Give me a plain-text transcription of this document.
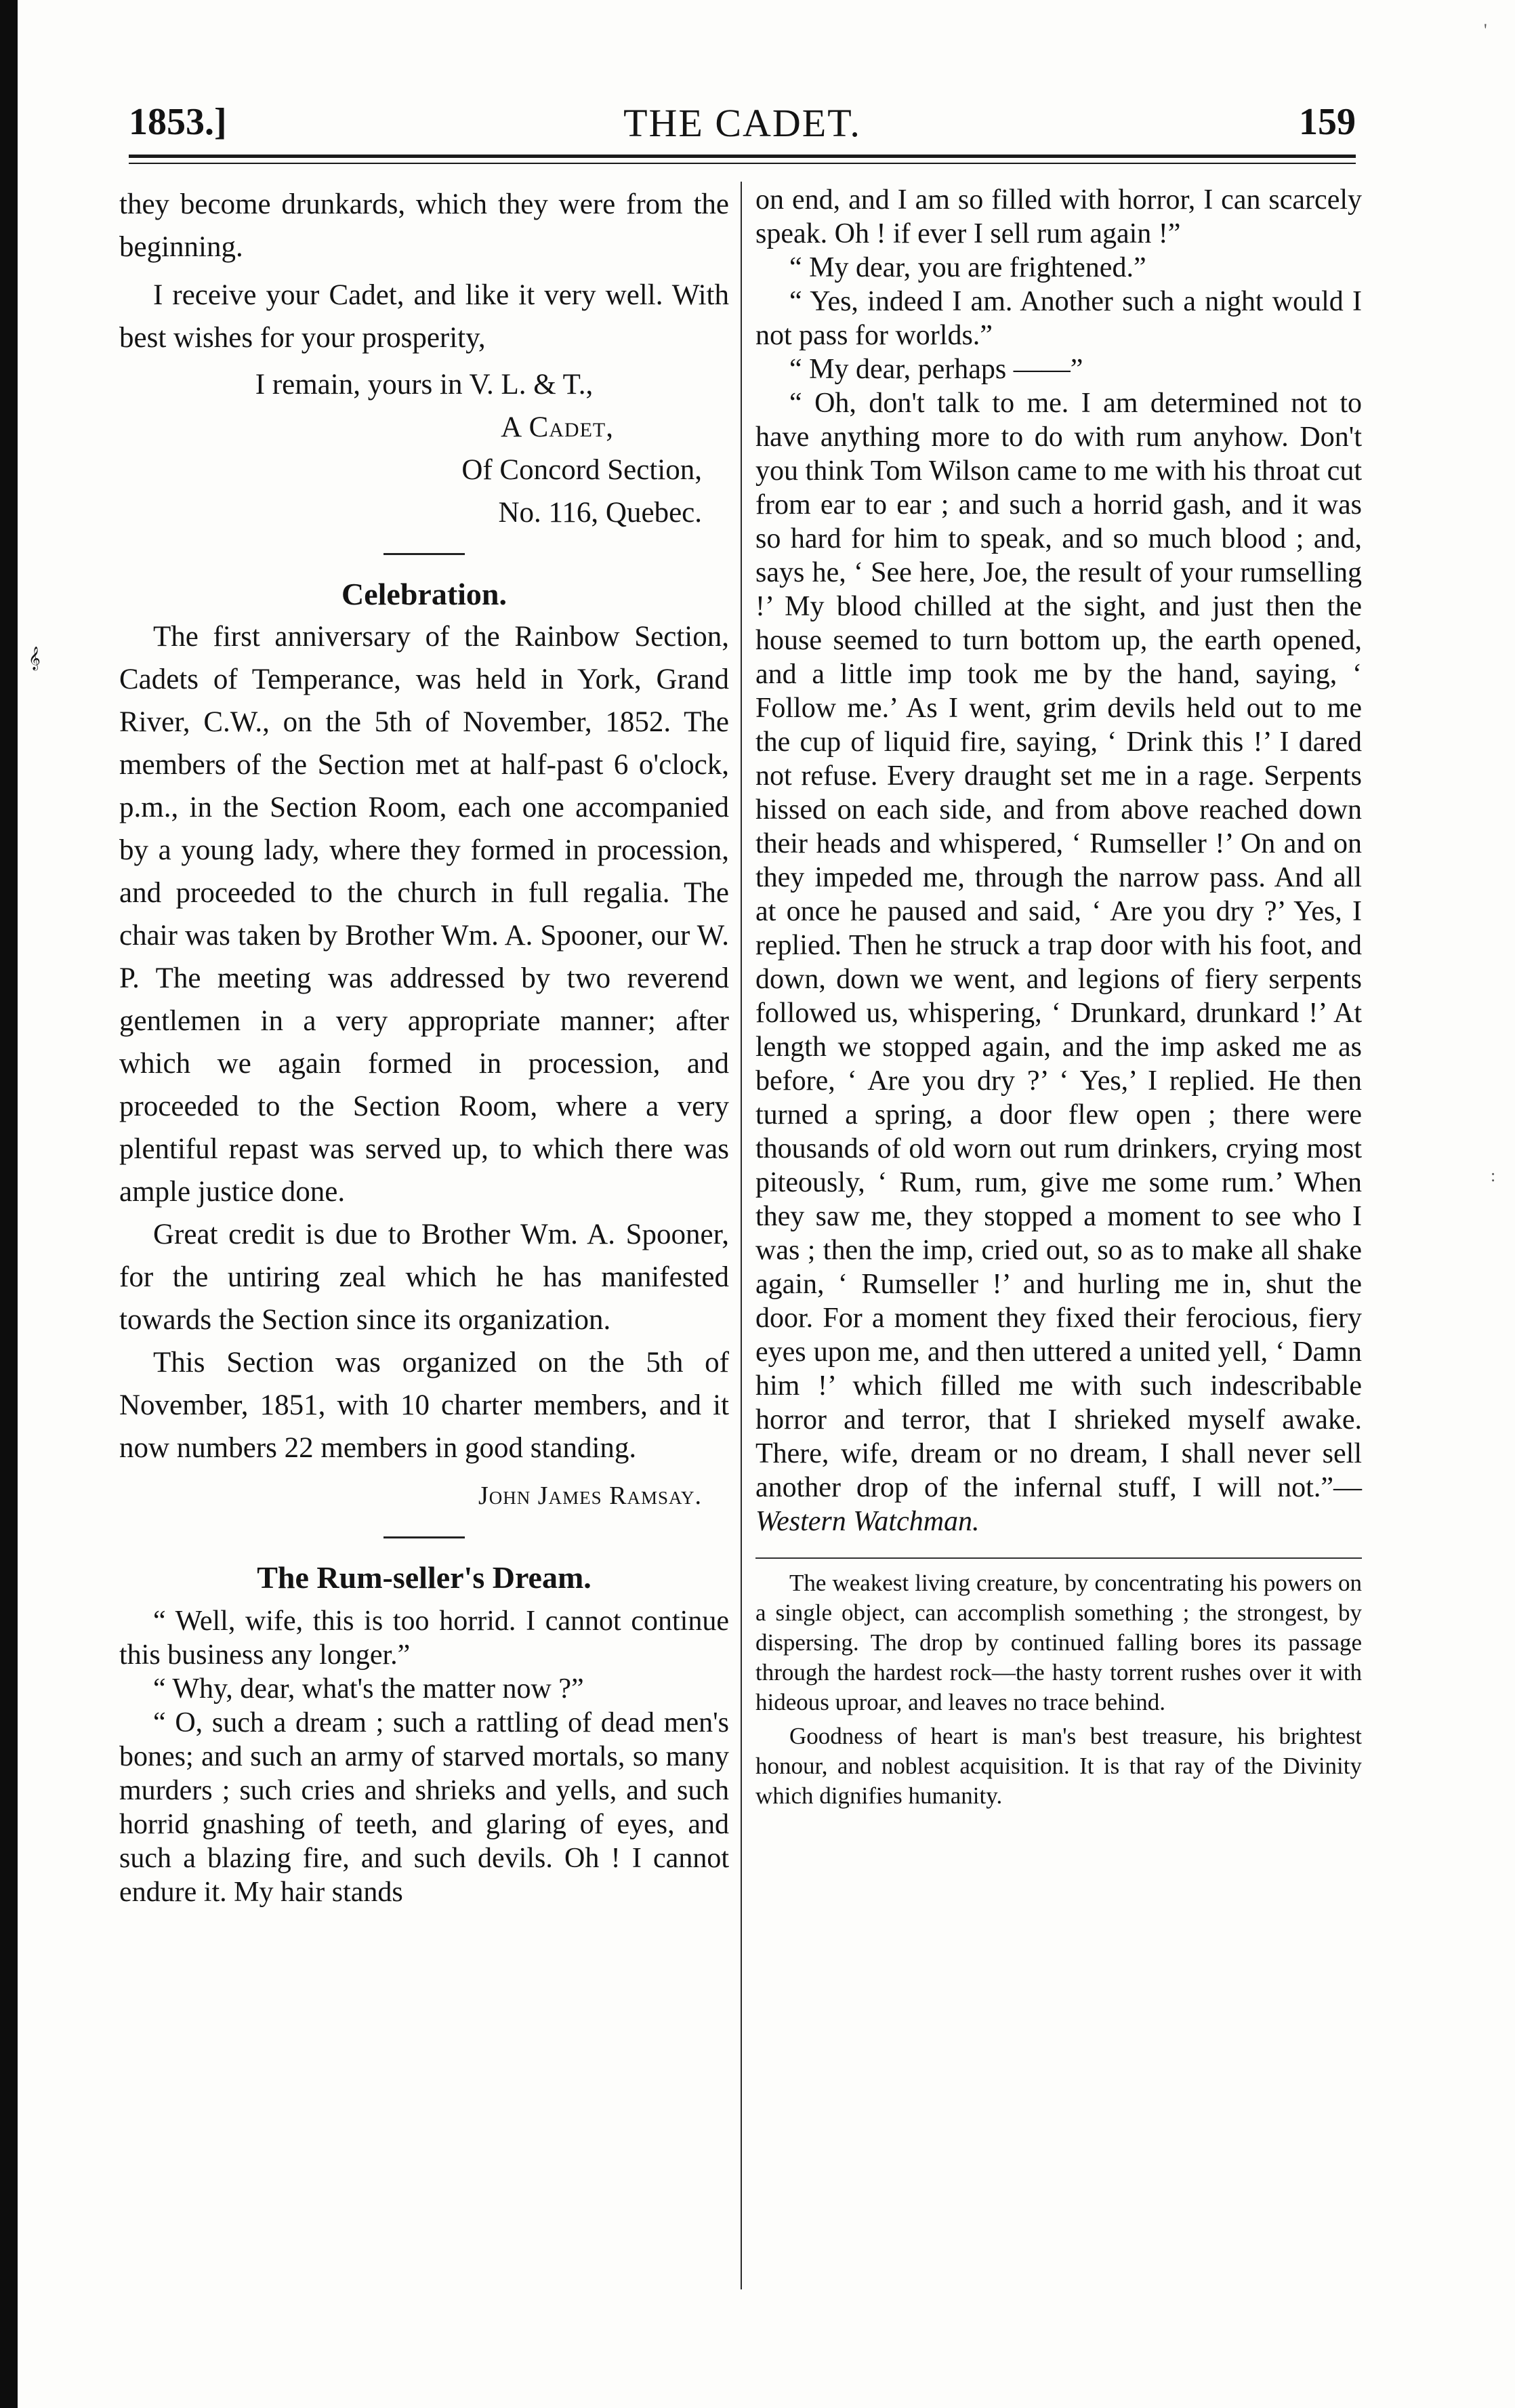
1853.]	THE CADET.	159

they become drunkards, which they were from the beginning.

I receive your Cadet, and like it very well. With best wishes for your prosperity,

I remain, yours in V. L. & T.,

A Cadet,

Of Concord Section,

No. 116, Quebec.

Celebration.

The first anniversary of the Rainbow Section, Cadets of Temperance, was held in York, Grand River, C.W., on the 5th of November, 1852. The members of the Section met at half-past 6 o'clock, p.m., in the Section Room, each one accompanied by a young lady, where they formed in procession, and proceeded to the church in full regalia. The chair was taken by Brother Wm. A. Spooner, our W. P. The meeting was addressed by two reverend gentlemen in a very appropriate manner; after which we again formed in procession, and proceeded to the Section Room, where a very plentiful repast was served up, to which there was ample justice done.

Great credit is due to Brother Wm. A. Spooner, for the untiring zeal which he has manifested towards the Section since its organization.

This Section was organized on the 5th of November, 1851, with 10 charter members, and it now numbers 22 members in good standing.

John James Ramsay.

The Rum-seller's Dream.

“ Well, wife, this is too horrid. I cannot continue this business any longer.”

“ Why, dear, what's the matter now ?”

“ O, such a dream ; such a rattling of dead men's bones; and such an army of starved mortals, so many murders ; such cries and shrieks and yells, and such horrid gnashing of teeth, and glaring of eyes, and such a blazing fire, and such devils. Oh ! I cannot endure it. My hair stands

on end, and I am so filled with horror, I can scarcely speak. Oh ! if ever I sell rum again !”

“ My dear, you are frightened.”

“ Yes, indeed I am. Another such a night would I not pass for worlds.”

“ My dear, perhaps ——”

“ Oh, don't talk to me. I am determined not to have anything more to do with rum anyhow. Don't you think Tom Wilson came to me with his throat cut from ear to ear ; and such a horrid gash, and it was so hard for him to speak, and so much blood ; and, says he, ‘ See here, Joe, the result of your rumselling !’ My blood chilled at the sight, and just then the house seemed to turn bottom up, the earth opened, and a little imp took me by the hand, saying, ‘ Follow me.’ As I went, grim devils held out to me the cup of liquid fire, saying, ‘ Drink this !’ I dared not refuse. Every draught set me in a rage. Serpents hissed on each side, and from above reached down their heads and whispered, ‘ Rumseller !’ On and on they impeded me, through the narrow pass. And all at once he paused and said, ‘ Are you dry ?’ Yes, I replied. Then he struck a trap door with his foot, and down, down we went, and legions of fiery serpents followed us, whispering, ‘ Drunkard, drunkard !’ At length we stopped again, and the imp asked me as before, ‘ Are you dry ?’ ‘ Yes,’ I replied. He then turned a spring, a door flew open ; there were thousands of old worn out rum drinkers, crying most piteously, ‘ Rum, rum, give me some rum.’ When they saw me, they stopped a moment to see who I was ; then the imp, cried out, so as to make all shake again, ‘ Rumseller !’ and hurling me in, shut the door. For a moment they fixed their ferocious, fiery eyes upon me, and then uttered a united yell, ‘ Damn him !’ which filled me with such indescribable horror and terror, that I shrieked myself awake. There, wife, dream or no dream, I shall never sell another drop of the infernal stuff, I will not.”—Western Watchman.

The weakest living creature, by concentrating his powers on a single object, can accomplish something ; the strongest, by dispersing. The drop by continued falling bores its passage through the hardest rock—the hasty torrent rushes over it with hideous uproar, and leaves no trace behind.

Goodness of heart is man's best treasure, his brightest honour, and noblest acquisition. It is that ray of the Divinity which dignifies humanity.

𝄞
'
:
